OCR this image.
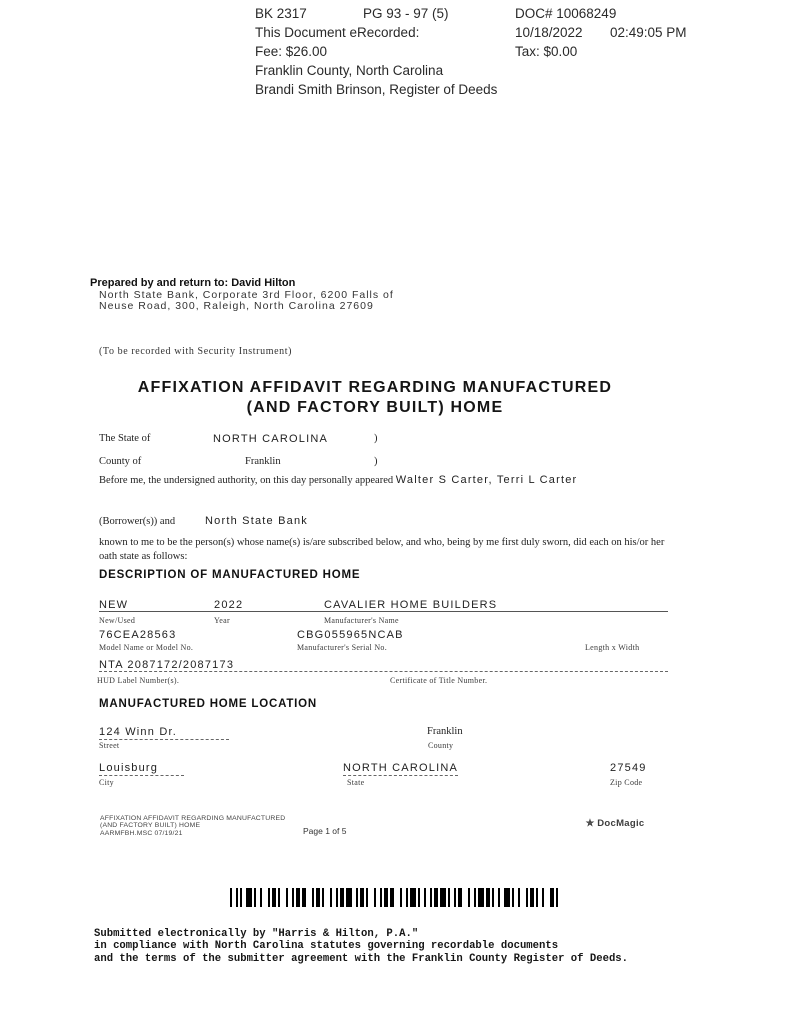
BK 2317	PG 93 - 97 (5)	DOC# 10068249
This Document eRecorded:	10/18/2022 02:49:05 PM
Fee: $26.00	Tax: $0.00
Franklin County, North Carolina
Brandi Smith Brinson, Register of Deeds
Prepared by and return to: David Hilton
North State Bank, Corporate 3rd Floor, 6200 Falls of
Neuse Road, 300, Raleigh, North Carolina 27609
(To be recorded with Security Instrument)
AFFIXATION AFFIDAVIT REGARDING MANUFACTURED
(AND FACTORY BUILT) HOME
The State of	NORTH CAROLINA	)
County of	Franklin	)
Before me, the undersigned authority, on this day personally appeared Walter S Carter, Terri L Carter
(Borrower(s)) and	North State Bank
known to me to be the person(s) whose name(s) is/are subscribed below, and who, being by me first duly sworn, did each on his/or her oath state as follows:
DESCRIPTION OF MANUFACTURED HOME
NEW	2022	CAVALIER HOME BUILDERS
New/Used	Year	Manufacturer's Name
76CEA28563	CBG055965NCAB
Model Name or Model No.	Manufacturer's Serial No.	Length x Width
NTA 2087172/2087173
HUD Label Number(s).	Certificate of Title Number.
MANUFACTURED HOME LOCATION
124 Winn Dr.	Franklin
Street	County
Louisburg	NORTH CAROLINA	27549
City	State	Zip Code
AFFIXATION AFFIDAVIT REGARDING MANUFACTURED
(AND FACTORY BUILT) HOME
AARMFBH.MSC 07/19/21	Page 1 of 5
✯ DocMagic
Submitted electronically by "Harris & Hilton, P.A."
in compliance with North Carolina statutes governing recordable documents
and the terms of the submitter agreement with the Franklin County Register of Deeds.
